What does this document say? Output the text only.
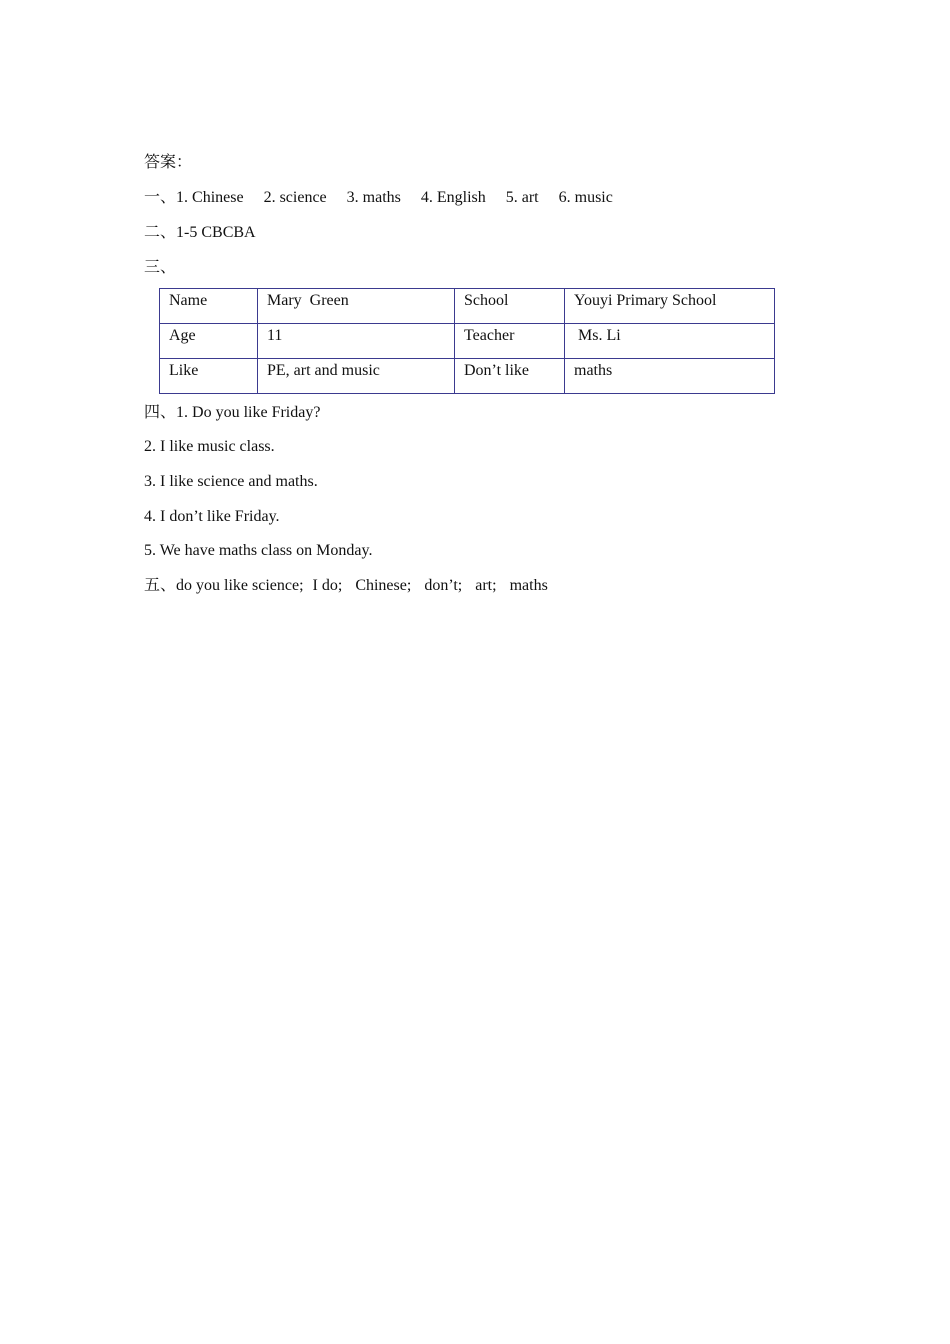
答案：
一、1. Chinese 2. science 3. maths 4. English 5. art 6. music
二、1-5 CBCBA
三、
Name	Mary  Green	School	Youyi Primary School
Age	11	Teacher	Ms. Li
Like	PE, art and music	Don’t like	maths
四、1. Do you like Friday?
2. I like music class.
3. I like science and maths.
4. I don’t like Friday.
5. We have maths class on Monday.
五、do you like science; I do; Chinese; don’t; art; maths
